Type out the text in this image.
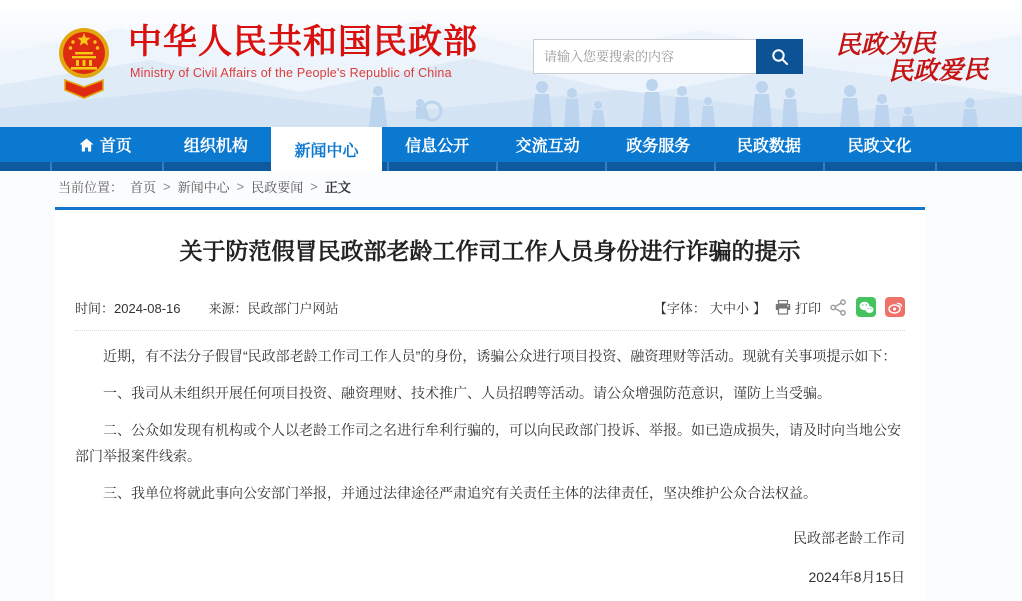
中华人民共和国民政部

Ministry of Civil Affairs of the People's Republic of China

请输入您要搜索的内容
民政为民
民政爱民
首页	组织机构	新闻中心	信息公开	交流互动	政务服务	民政数据	民政文化
当前位置： 首页 > 新闻中心 > 民政要闻 > 正文
关于防范假冒民政部老龄工作司工作人员身份进行诈骗的提示
时间：2024-08-16 来源：民政部门户网站	【字体： 大中小 】 打印

近期，有不法分子假冒“民政部老龄工作司工作人员”的身份，诱骗公众进行项目投资、融资理财等活动。现就有关事项提示如下：

一、我司从未组织开展任何项目投资、融资理财、技术推广、人员招聘等活动。请公众增强防范意识，谨防上当受骗。

二、公众如发现有机构或个人以老龄工作司之名进行牟利行骗的，可以向民政部门投诉、举报。如已造成损失，请及时向当地公安部门举报案件线索。

三、我单位将就此事向公安部门举报，并通过法律途径严肃追究有关责任主体的法律责任，坚决维护公众合法权益。

民政部老龄工作司
2024年8月15日
